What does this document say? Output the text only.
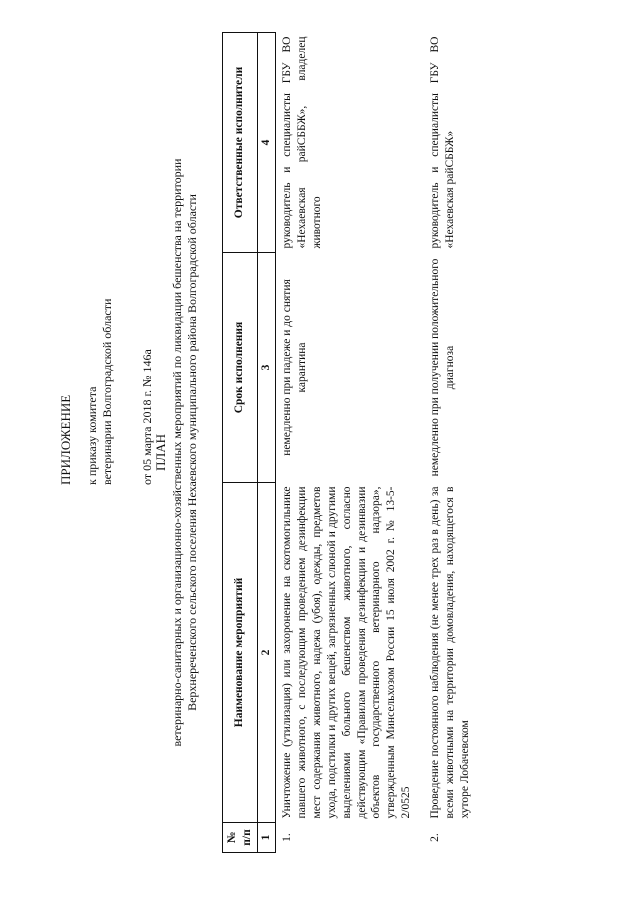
ПРИЛОЖЕНИЕ к приказу комитета ветеринарии Волгоградской области от 05 марта 2018 г. № 146а
ПЛАН ветеринарно-санитарных и организационно-хозяйственных мероприятий по ликвидации бешенства на территории Верхнереченского сельского поселения Нехаевского муниципального района Волгоградской области
№ п/п	Наименование мероприятий	Срок исполнения	Ответственные исполнители
1	2	3	4
1.	Уничтожение (утилизация) или захоронение на скотомогильнике павшего животного, с последующим проведением дезинфекции мест содержания животного, надежа (убоя), одежды, предметов ухода, подстилки и других вещей, загрязненных слюной и другими выделениями больного бешенством животного, согласно действующим «Правилам проведения дезинфекции и дезинвазии объектов государственного ветеринарного надзора», утвержденным Минсельхозом России 15 июля 2002 г. № 13-5-2/0525	немедленно при падеже и до снятия карантина	руководитель и специалисты ГБУ ВО «Нехаевская райСББЖ», владелец животного
2.	Проведение постоянного наблюдения (не менее трех раз в день) за всеми животными на территории домовладения, находящегося в хуторе Лобачевском	немедленно при получении положительного диагноза	руководитель и специалисты ГБУ ВО «Нехаевская райСББЖ»
